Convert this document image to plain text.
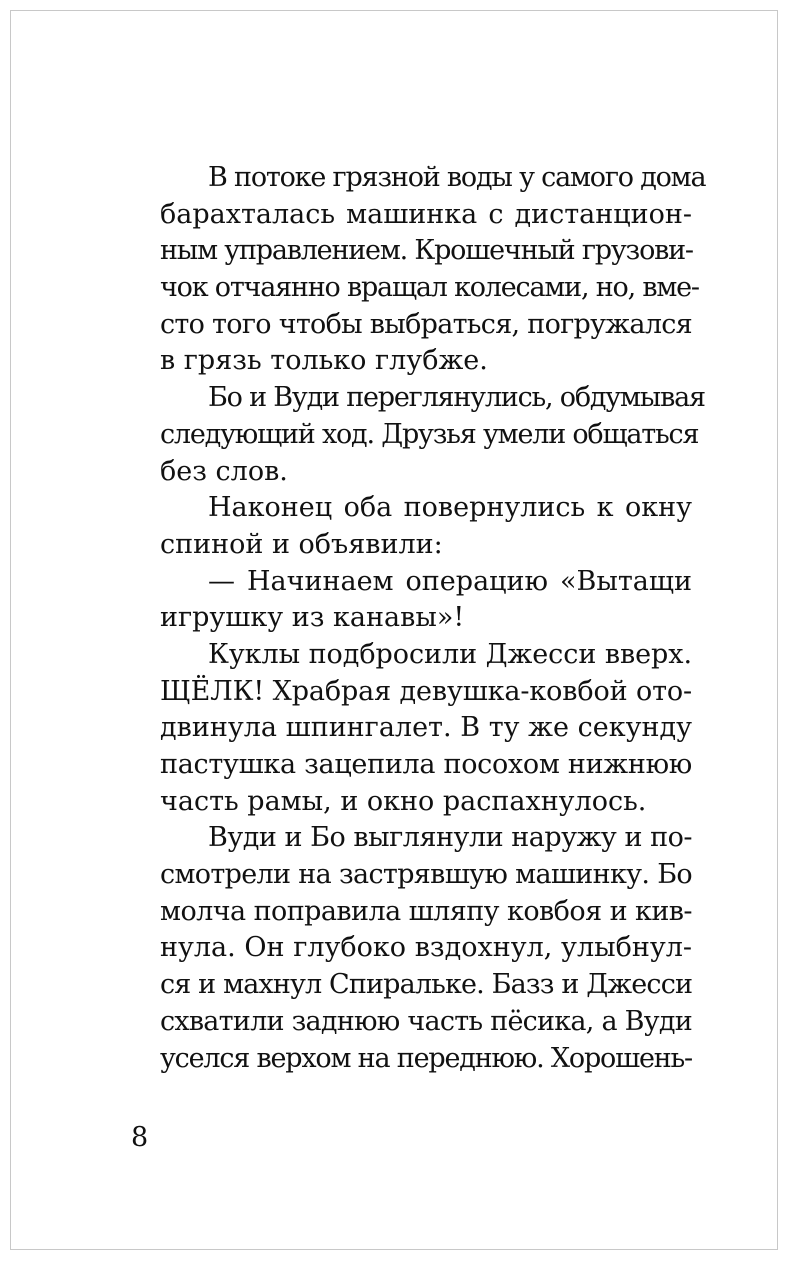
В потоке грязной воды у самого дома
барахталась машинка с дистанцион-
ным управлением. Крошечный грузови-
чок отчаянно вращал колесами, но, вме-
сто того чтобы выбраться, погружался
в грязь только глубже.
Бо и Вуди переглянулись, обдумывая
следующий ход. Друзья умели общаться
без слов.
Наконец оба повернулись к окну
спиной и объявили:
— Начинаем операцию «Вытащи
игрушку из канавы»!
Куклы подбросили Джесси вверх.
ЩЁЛК! Храбрая девушка-ковбой ото-
двинула шпингалет. В ту же секунду
пастушка зацепила посохом нижнюю
часть рамы, и окно распахнулось.
Вуди и Бо выглянули наружу и по-
смотрели на застрявшую машинку. Бо
молча поправила шляпу ковбоя и кив-
нула. Он глубоко вздохнул, улыбнул-
ся и махнул Спиральке. Базз и Джесси
схватили заднюю часть пёсика, а Вуди
уселся верхом на переднюю. Хорошень-
8
